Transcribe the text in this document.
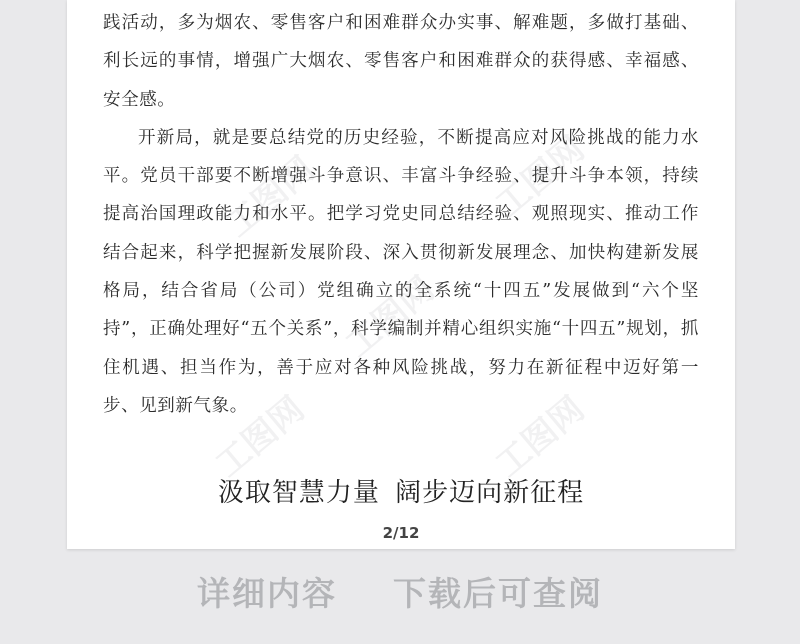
工图网	工图网
工图网
工图网	工图网

践活动，多为烟农、零售客户和困难群众办实事、解难题，多做打基础、利长远的事情，增强广大烟农、零售客户和困难群众的获得感、幸福感、安全感。

开新局，就是要总结党的历史经验，不断提高应对风险挑战的能力水平。党员干部要不断增强斗争意识、丰富斗争经验、提升斗争本领，持续提高治国理政能力和水平。把学习党史同总结经验、观照现实、推动工作结合起来，科学把握新发展阶段、深入贯彻新发展理念、加快构建新发展格局，结合省局（公司）党组确立的全系统“十四五”发展做到“六个坚持”，正确处理好“五个关系”，科学编制并精心组织实施“十四五”规划，抓住机遇、担当作为，善于应对各种风险挑战，努力在新征程中迈好第一步、见到新气象。

汲取智慧力量 阔步迈向新征程
2/12
详细内容 下载后可查阅
